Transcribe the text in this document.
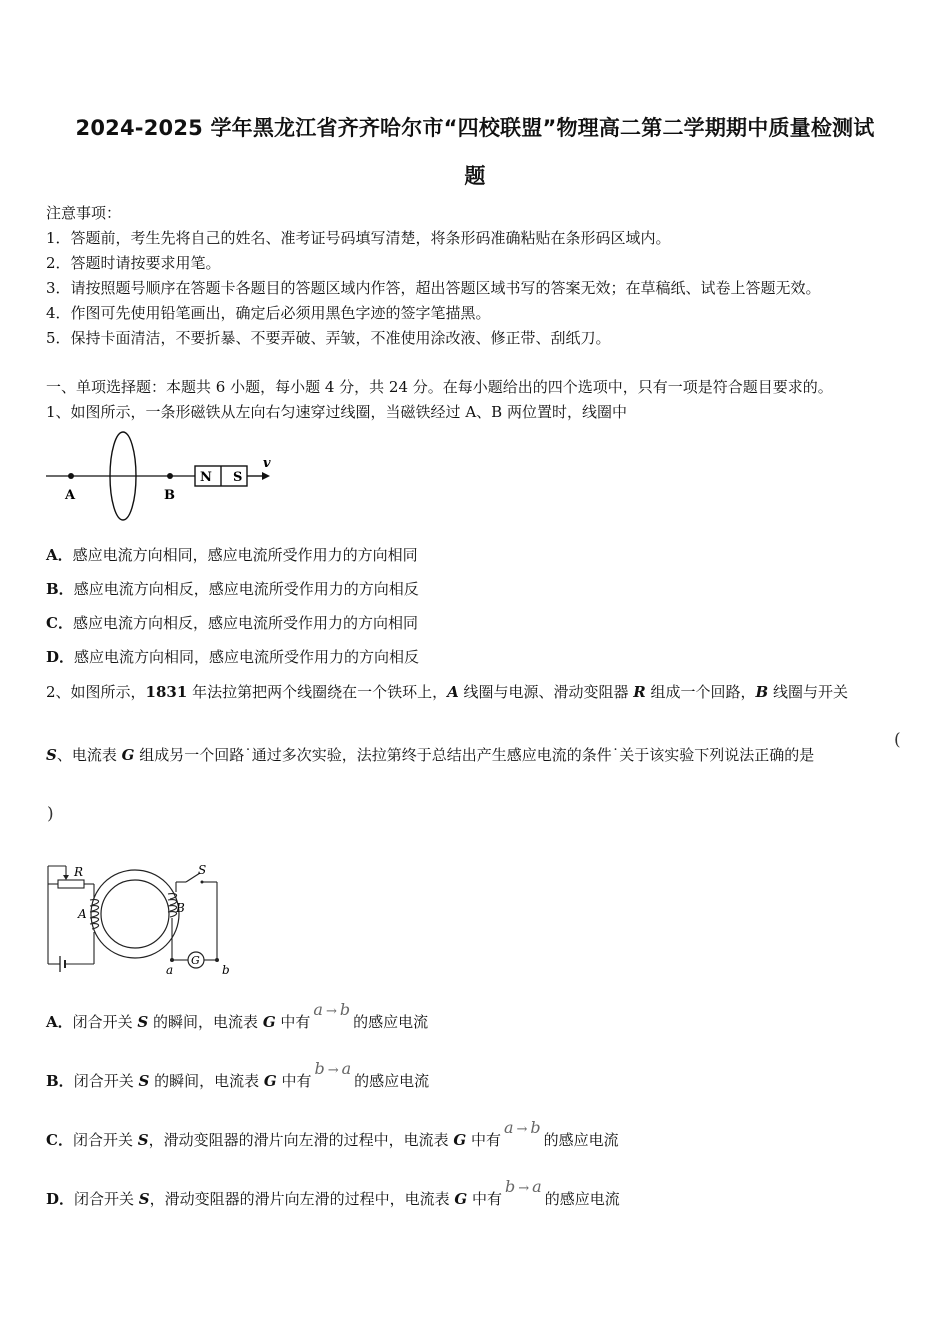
2024-2025 学年黑龙江省齐齐哈尔市“四校联盟”物理高二第二学期期中质量检测试
题
注意事项：
1．答题前，考生先将自己的姓名、准考证号码填写清楚，将条形码准确粘贴在条形码区域内。
2．答题时请按要求用笔。
3．请按照题号顺序在答题卡各题目的答题区域内作答，超出答题区域书写的答案无效；在草稿纸、试卷上答题无效。
4．作图可先使用铅笔画出，确定后必须用黑色字迹的签字笔描黑。
5．保持卡面清洁，不要折暴、不要弄破、弄皱，不准使用涂改液、修正带、刮纸刀。
一、单项选择题：本题共 6 小题，每小题 4 分，共 24 分。在每小题给出的四个选项中，只有一项是符合题目要求的。
1、如图所示，一条形磁铁从左向右匀速穿过线圈，当磁铁经过 A、B 两位置时，线圈中
A	B
N S
v
A．感应电流方向相同，感应电流所受作用力的方向相同
B．感应电流方向相反，感应电流所受作用力的方向相反
C．感应电流方向相反，感应电流所受作用力的方向相同
D．感应电流方向相同，感应电流所受作用力的方向相反
2、如图所示，1831 年法拉第把两个线圈绕在一个铁环上，A 线圈与电源、滑动变阻器 R 组成一个回路，B 线圈与开关
S、电流表 G 组成另一个回路˙通过多次实验，法拉第终于总结出产生感应电流的条件˙关于该实验下列说法正确的是
(
)
R	S
A	B
G
a	b
A．闭合开关 S 的瞬间，电流表 G 中有a → b的感应电流
B．闭合开关 S 的瞬间，电流表 G 中有b → a的感应电流
C．闭合开关 S，滑动变阻器的滑片向左滑的过程中，电流表 G 中有a → b的感应电流
D．闭合开关 S，滑动变阻器的滑片向左滑的过程中，电流表 G 中有b → a的感应电流
